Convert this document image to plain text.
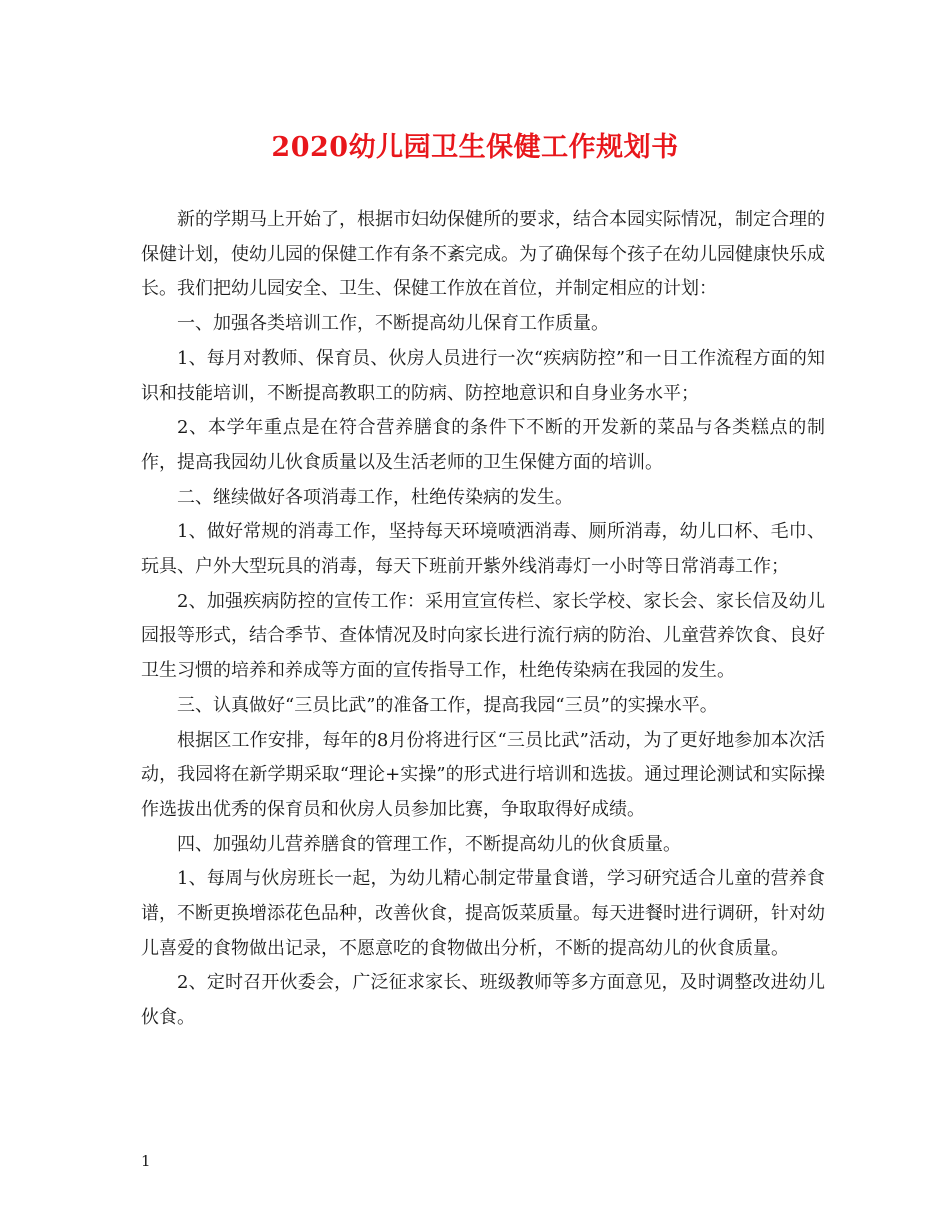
2020幼儿园卫生保健工作规划书

新的学期马上开始了，根据市妇幼保健所的要求，结合本园实际情况，制定合理的保健计划，使幼儿园的保健工作有条不紊完成。为了确保每个孩子在幼儿园健康快乐成长。我们把幼儿园安全、卫生、保健工作放在首位，并制定相应的计划：

一、加强各类培训工作，不断提高幼儿保育工作质量。

1、每月对教师、保育员、伙房人员进行一次“疾病防控”和一日工作流程方面的知识和技能培训，不断提高教职工的防病、防控地意识和自身业务水平；

2、本学年重点是在符合营养膳食的条件下不断的开发新的菜品与各类糕点的制作，提高我园幼儿伙食质量以及生活老师的卫生保健方面的培训。

二、继续做好各项消毒工作，杜绝传染病的发生。

1、做好常规的消毒工作，坚持每天环境喷洒消毒、厕所消毒，幼儿口杯、毛巾、玩具、户外大型玩具的消毒，每天下班前开紫外线消毒灯一小时等日常消毒工作；

2、加强疾病防控的宣传工作：采用宣宣传栏、家长学校、家长会、家长信及幼儿园报等形式，结合季节、查体情况及时向家长进行流行病的防治、儿童营养饮食、良好卫生习惯的培养和养成等方面的宣传指导工作，杜绝传染病在我园的发生。

三、认真做好“三员比武”的准备工作，提高我园“三员”的实操水平。

根据区工作安排，每年的8月份将进行区“三员比武”活动，为了更好地参加本次活动，我园将在新学期采取“理论+实操”的形式进行培训和选拔。通过理论测试和实际操作选拔出优秀的保育员和伙房人员参加比赛，争取取得好成绩。

四、加强幼儿营养膳食的管理工作，不断提高幼儿的伙食质量。

1、每周与伙房班长一起，为幼儿精心制定带量食谱，学习研究适合儿童的营养食谱，不断更换增添花色品种，改善伙食，提高饭菜质量。每天进餐时进行调研，针对幼儿喜爱的食物做出记录，不愿意吃的食物做出分析，不断的提高幼儿的伙食质量。

2、定时召开伙委会，广泛征求家长、班级教师等多方面意见，及时调整改进幼儿伙食。

1
